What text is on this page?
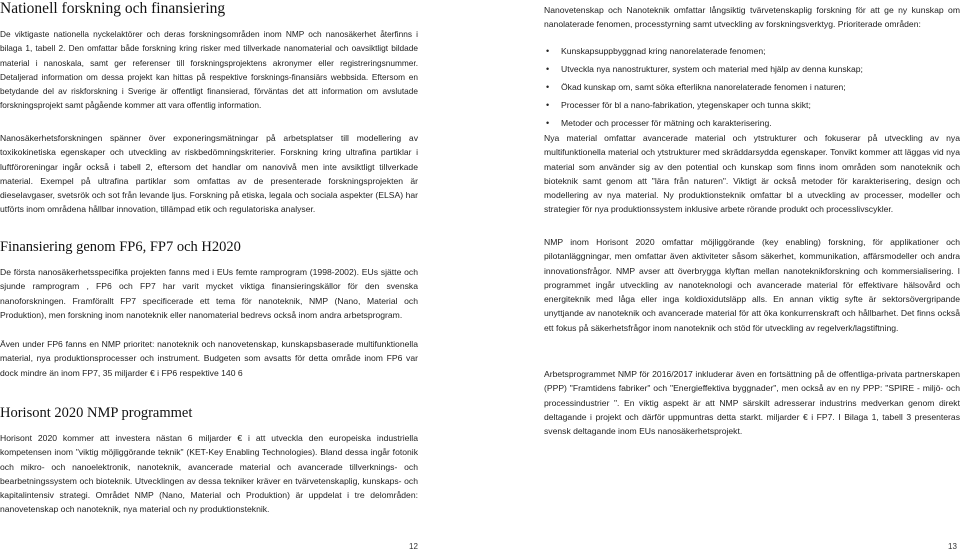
Nationell forskning och finansiering

De viktigaste nationella nyckelaktörer och deras forskningsområden inom NMP och nanosäkerhet återfinns i bilaga 1, tabell 2. Den omfattar både forskning kring risker med tillverkade nanomaterial och oavsiktligt bildade material i nanoskala, samt ger referenser till forskningsprojektens akronymer eller registreringsnummer. Detaljerad information om dessa projekt kan hittas på respektive forsknings-finansiärs webbsida. Eftersom en betydande del av riskforskning i Sverige är offentligt finansierad, förväntas det att information om avslutade forskningsprojekt samt pågående kommer att vara offentlig information.

Nanosäkerhetsforskningen spänner över exponeringsmätningar på arbetsplatser till modellering av toxikokinetiska egenskaper och utveckling av riskbedömningskriterier. Forskning kring ultrafina partiklar i luftföroreningar ingår också i tabell 2, eftersom det handlar om nanovivå men inte avsiktligt tillverkade material. Exempel på ultrafina partiklar som omfattas av de presenterade forskningsprojekten är dieselavgaser, svetsrök och sot från levande ljus. Forskning på etiska, legala och sociala aspekter (ELSA) har utförts inom områdena hållbar innovation, tillämpad etik och regulatoriska analyser.

Finansiering genom FP6, FP7 och H2020

De första nanosäkerhetsspecifika projekten fanns med i EUs femte ramprogram (1998-2002). EUs sjätte och sjunde ramprogram , FP6 och FP7 har varit mycket viktiga finansieringskällor för den svenska nanoforskningen. Framförallt FP7 specificerade ett tema för nanoteknik, NMP (Nano, Material och Produktion), men forskning inom nanoteknik eller nanomaterial bedrevs också inom andra arbetsprogram.

Även under FP6 fanns en NMP prioritet: nanoteknik och nanovetenskap, kunskapsbaserade multifunktionella material, nya produktionsprocesser och instrument. Budgeten som avsatts för detta område inom FP6 var dock mindre än inom FP7, 35 miljarder € i FP6 respektive 140 6

Horisont 2020 NMP programmet

Horisont 2020 kommer att investera nästan 6 miljarder € i att utveckla den europeiska industriella kompetensen inom "viktig möjliggörande teknik" (KET-Key Enabling Technologies). Bland dessa ingår fotonik och mikro- och nanoelektronik, nanoteknik, avancerade material och avancerade tillverknings- och bearbetningssystem och bioteknik. Utvecklingen av dessa tekniker kräver en tvärvetenskaplig, kunskaps- och kapitalintensiv strategi. Området NMP (Nano, Material och Produktion) är uppdelat i tre delområden: nanovetenskap och nanoteknik, nya material och ny produktionsteknik.

12

Nanovetenskap och Nanoteknik omfattar långsiktig tvärvetenskaplig forskning för att ge ny kunskap om nanolaterade fenomen, processtyrning samt utveckling av forskningsverktyg. Prioriterade områden:

• Kunskapsuppbyggnad kring nanorelaterade fenomen;
• Utveckla nya nanostrukturer, system och material med hjälp av denna kunskap;
• Ökad kunskap om, samt söka efterlikna nanorelaterade fenomen i naturen;
• Processer för bl a nano-fabrikation, ytegenskaper och tunna skikt;
• Metoder och processer för mätning och karakterisering.

Nya material omfattar avancerade material och ytstrukturer och fokuserar på utveckling av nya multifunktionella material och ytstrukturer med skräddarsydda egenskaper. Tonvikt kommer att läggas vid nya material som använder sig av den potential och kunskap som finns inom områden som nanoteknik och bioteknik samt genom att "lära från naturen". Viktigt är också metoder för karakterisering, design och modellering av nya material. Ny produktionsteknik omfattar bl a utveckling av processer, modeller och strategier för nya produktionssystem inklusive arbete rörande produkt och processlivscykler.

NMP inom Horisont 2020 omfattar möjliggörande (key enabling) forskning, för applikationer och pilotanläggningar, men omfattar även aktiviteter såsom säkerhet, kommunikation, affärsmodeller och andra innovationsfrågor. NMP avser att överbrygga klyftan mellan nanoteknikforskning och kommersialisering. I programmet ingår utveckling av nanoteknologi och avancerade material för effektivare hälsovård och energiteknik med låga eller inga koldioxidutsläpp alls. En annan viktig syfte är sektorsövergripande unyttjande av nanoteknik och avancerade material för att öka konkurrenskraft och hållbarhet. Det finns också ett fokus på säkerhetsfrågor inom nanoteknik och stöd för utveckling av regelverk/lagstiftning.

Arbetsprogrammet NMP för 2016/2017 inkluderar även en fortsättning på de offentliga-privata partnerskapen (PPP) "Framtidens fabriker" och "Energieffektiva byggnader", men också av en ny PPP: "SPIRE - miljö- och processindustrier ". En viktig aspekt är att NMP särskilt adresserar industrins medverkan genom direkt deltagande i projekt och därför uppmuntras detta starkt. miljarder € i FP7. I Bilaga 1, tabell 3 presenteras svensk deltagande inom EUs nanosäkerhetsprojekt.

13
